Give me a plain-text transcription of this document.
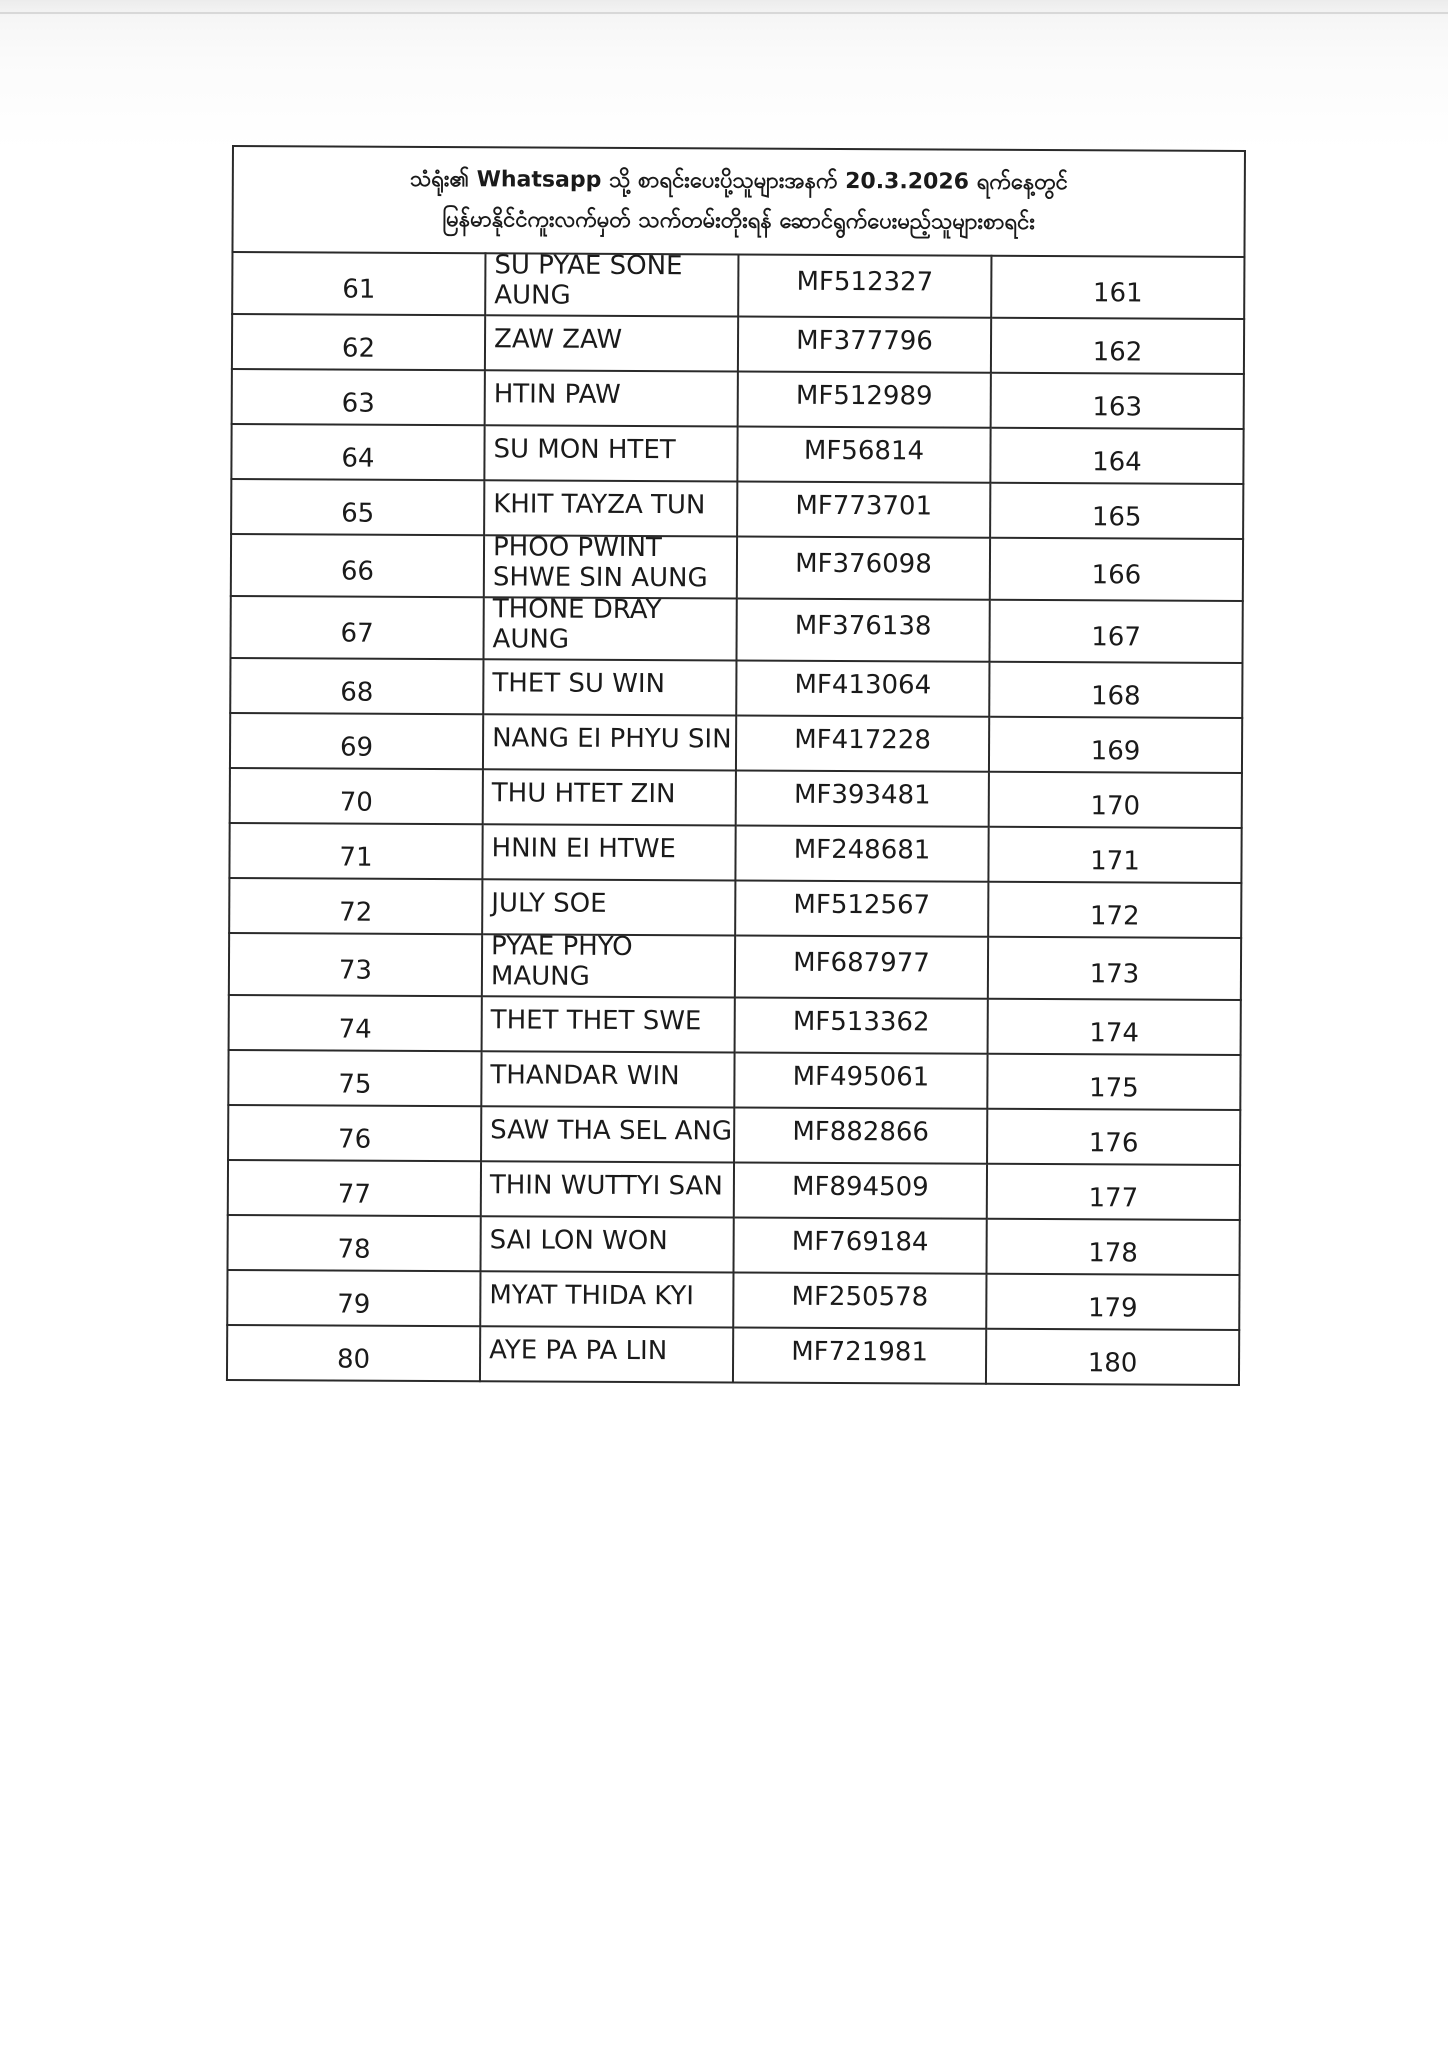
သံရုံး၏ Whatsapp သို့ စာရင်းပေးပို့သူများအနက် 20.3.2026 ရက်နေ့တွင်
မြန်မာနိုင်ငံကူးလက်မှတ် သက်တမ်းတိုးရန် ဆောင်ရွက်ပေးမည့်သူများစာရင်း			

61	SU PYAE SONE AUNG	MF512327	161
62	ZAW ZAW	MF377796	162
63	HTIN PAW	MF512989	163
64	SU MON HTET	MF56814	164
65	KHIT TAYZA TUN	MF773701	165
66	PHOO PWINT SHWE SIN AUNG	MF376098	166
67	THONE DRAY AUNG	MF376138	167
68	THET SU WIN	MF413064	168
69	NANG EI PHYU SIN	MF417228	169
70	THU HTET ZIN	MF393481	170
71	HNIN EI HTWE	MF248681	171
72	JULY SOE	MF512567	172
73	PYAE PHYO MAUNG	MF687977	173
74	THET THET SWE	MF513362	174
75	THANDAR WIN	MF495061	175
76	SAW THA SEL ANG	MF882866	176
77	THIN WUTTYI SAN	MF894509	177
78	SAI LON WON	MF769184	178
79	MYAT THIDA KYI	MF250578	179
80	AYE PA PA LIN	MF721981	180
